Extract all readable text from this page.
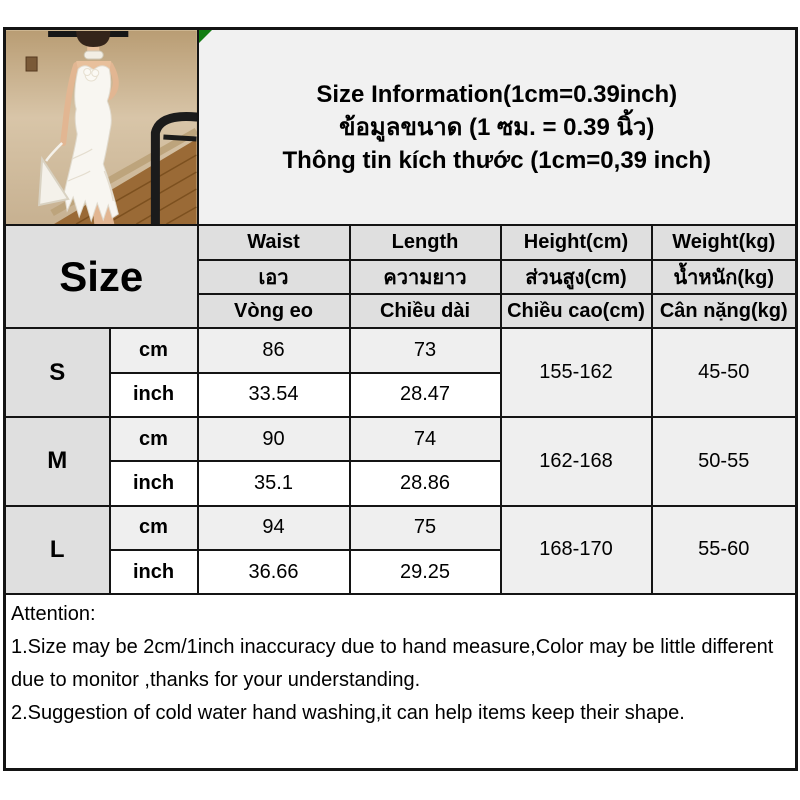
Size Information(1cm=0.39inch)
ข้อมูลขนาด (1 ซม. = 0.39 นิ้ว)
Thông tin kích thước (1cm=0,39 inch)			

Size		Waist	Length	Height(cm)	Weight(kg)
		เอว	ความยาว	ส่วนสูง(cm)	น้ำหนัก(kg)
		Vòng eo	Chiều dài	Chiều cao(cm)	Cân nặng(kg)
S	cm	86	73	155-162	45-50
	inch	33.54	28.47		
M	cm	90	74	162-168	50-55
	inch	35.1	28.86		
L	cm	94	75	168-170	55-60
	inch	36.66	29.25		

Attention:
1.Size may be 2cm/1inch inaccuracy due to hand measure,Color may be little different due to monitor ,thanks for your understanding.
2.Suggestion of cold water hand washing,it can help items keep their shape.					
